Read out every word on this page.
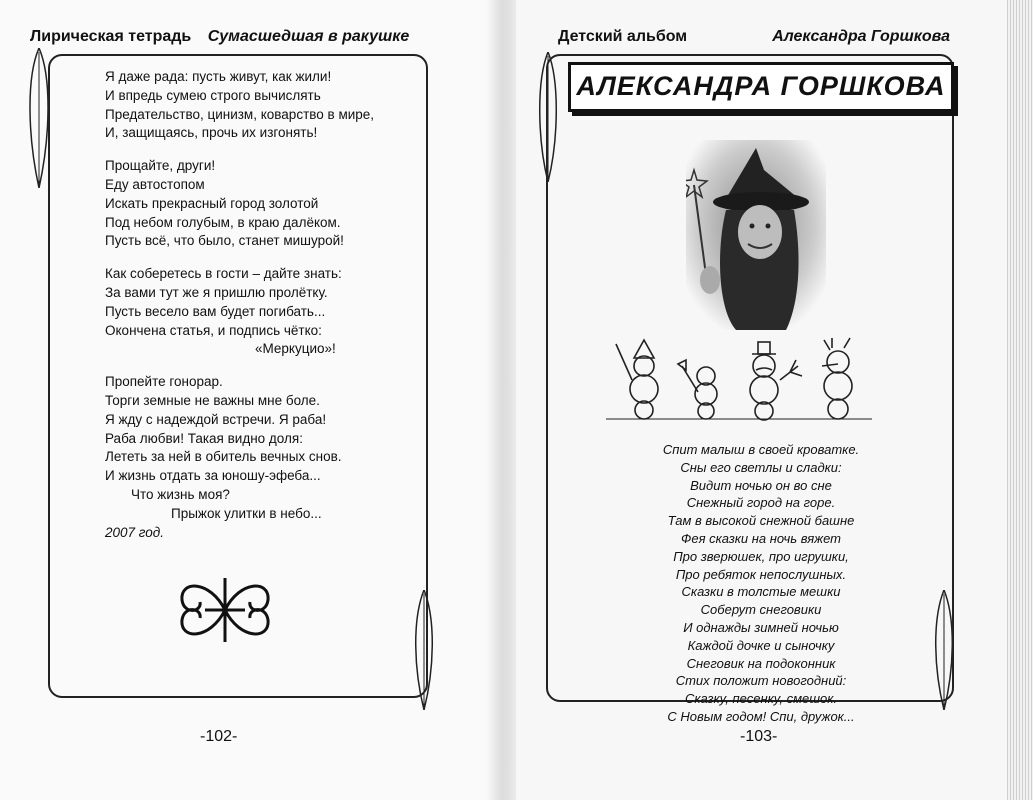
Лирическая тетрадь Сумасшедшая в ракушке
Я даже рада: пусть живут, как жили!
И впредь сумею строго вычислять
Предательство, цинизм, коварство в мире,
И, защищаясь, прочь их изгонять!
Прощайте, други!
Еду автостопом
Искать прекрасный город золотой
Под небом голубым, в краю далёком.
Пусть всё, что было, станет мишурой!
Как соберетесь в гости – дайте знать:
За вами тут же я пришлю пролётку.
Пусть весело вам будет погибать...
Окончена статья, и подпись чётко:
«Меркуцио»!
Пропейте гонорар.
Торги земные не важны мне боле.
Я жду с надеждой встречи. Я раба!
Раба любви! Такая видно доля:
Лететь за ней в обитель вечных снов.
И жизнь отдать за юношу-эфеба...
Что жизнь моя?
Прыжок улитки в небо...
2007 год.
-102-
Детский альбом	Александра Горшкова
АЛЕКСАНДРА ГОРШКОВА
Спит малыш в своей кроватке.
Сны его светлы и сладки:
Видит ночью он во сне
Снежный город на горе.
Там в высокой снежной башне
Фея сказки на ночь вяжет
Про зверюшек, про игрушки,
Про ребяток непослушных.
Сказки в толстые мешки
Соберут снеговики
И однажды зимней ночью
Каждой дочке и сыночку
Снеговик на подоконник
Стих положит новогодний:
Сказку, песенку, смешок.
С Новым годом! Спи, дружок...
-103-
